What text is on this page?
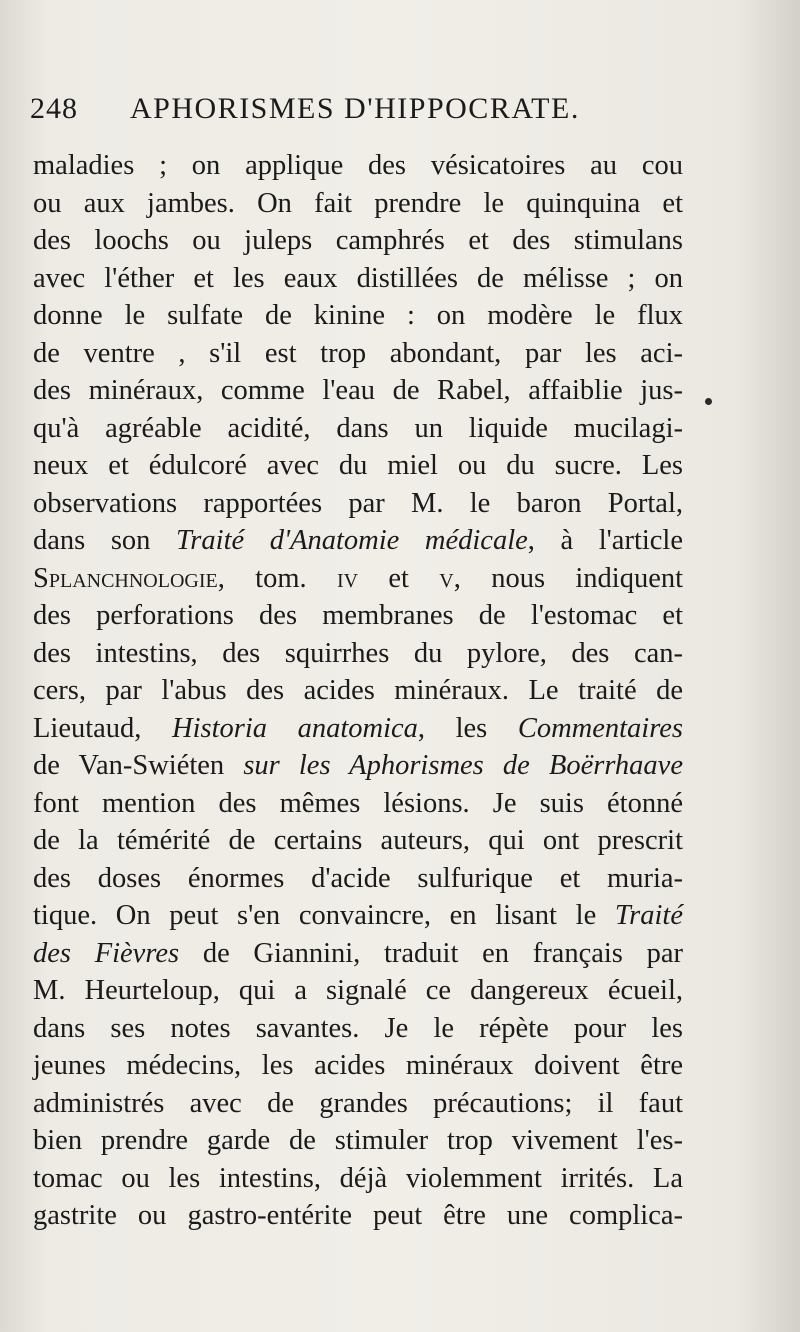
248 APHORISMES D'HIPPOCRATE.
maladies ; on applique des vésicatoires au cou
ou aux jambes. On fait prendre le quinquina et
des loochs ou juleps camphrés et des stimulans
avec l'éther et les eaux distillées de mélisse ; on
donne le sulfate de kinine : on modère le flux
de ventre , s'il est trop abondant, par les aci-
des minéraux, comme l'eau de Rabel, affaiblie jus-
qu'à agréable acidité, dans un liquide mucilagi-
neux et édulcoré avec du miel ou du sucre. Les
observations rapportées par M. le baron Portal,
dans son Traité d'Anatomie médicale, à l'article
Splanchnologie, tom. iv et v, nous indiquent
des perforations des membranes de l'estomac et
des intestins, des squirrhes du pylore, des can-
cers, par l'abus des acides minéraux. Le traité de
Lieutaud, Historia anatomica, les Commentaires
de Van-Swiéten sur les Aphorismes de Boërrhaave
font mention des mêmes lésions. Je suis étonné
de la témérité de certains auteurs, qui ont prescrit
des doses énormes d'acide sulfurique et muria-
tique. On peut s'en convaincre, en lisant le Traité
des Fièvres de Giannini, traduit en français par
M. Heurteloup, qui a signalé ce dangereux écueil,
dans ses notes savantes. Je le répète pour les
jeunes médecins, les acides minéraux doivent être
administrés avec de grandes précautions; il faut
bien prendre garde de stimuler trop vivement l'es-
tomac ou les intestins, déjà violemment irrités. La
gastrite ou gastro-entérite peut être une complica-
